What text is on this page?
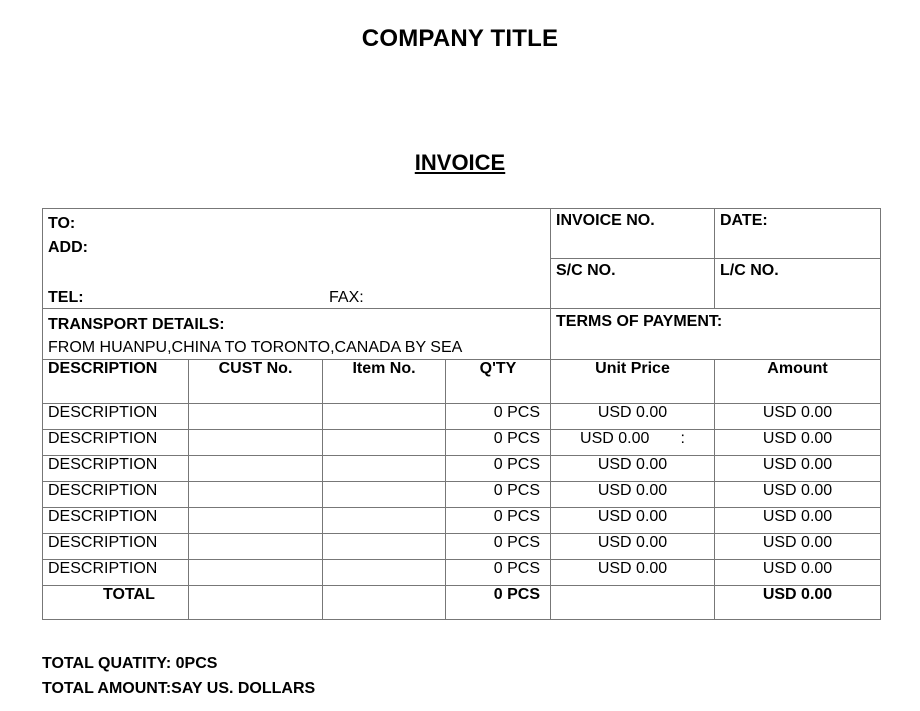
COMPANY TITLE
INVOICE
TO:
ADD:
TEL: FAX:				INVOICE NO.	DATE:
				S/C NO.	L/C NO.

TRANSPORT DETAILS:
FROM HUANPU,CHINA TO TORONTO,CANADA BY SEA				TERMS OF PAYMENT:	
DESCRIPTION	CUST No.	Item No.	Q'TY	Unit Price	Amount
DESCRIPTION			0 PCS	USD 0.00	USD 0.00
DESCRIPTION			0 PCS	USD 0.00       :	USD 0.00
DESCRIPTION			0 PCS	USD 0.00	USD 0.00
DESCRIPTION			0 PCS	USD 0.00	USD 0.00
DESCRIPTION			0 PCS	USD 0.00	USD 0.00
DESCRIPTION			0 PCS	USD 0.00	USD 0.00
DESCRIPTION			0 PCS	USD 0.00	USD 0.00
TOTAL			0 PCS		USD 0.00
TOTAL QUATITY: 0PCS
TOTAL AMOUNT:SAY US. DOLLARS
